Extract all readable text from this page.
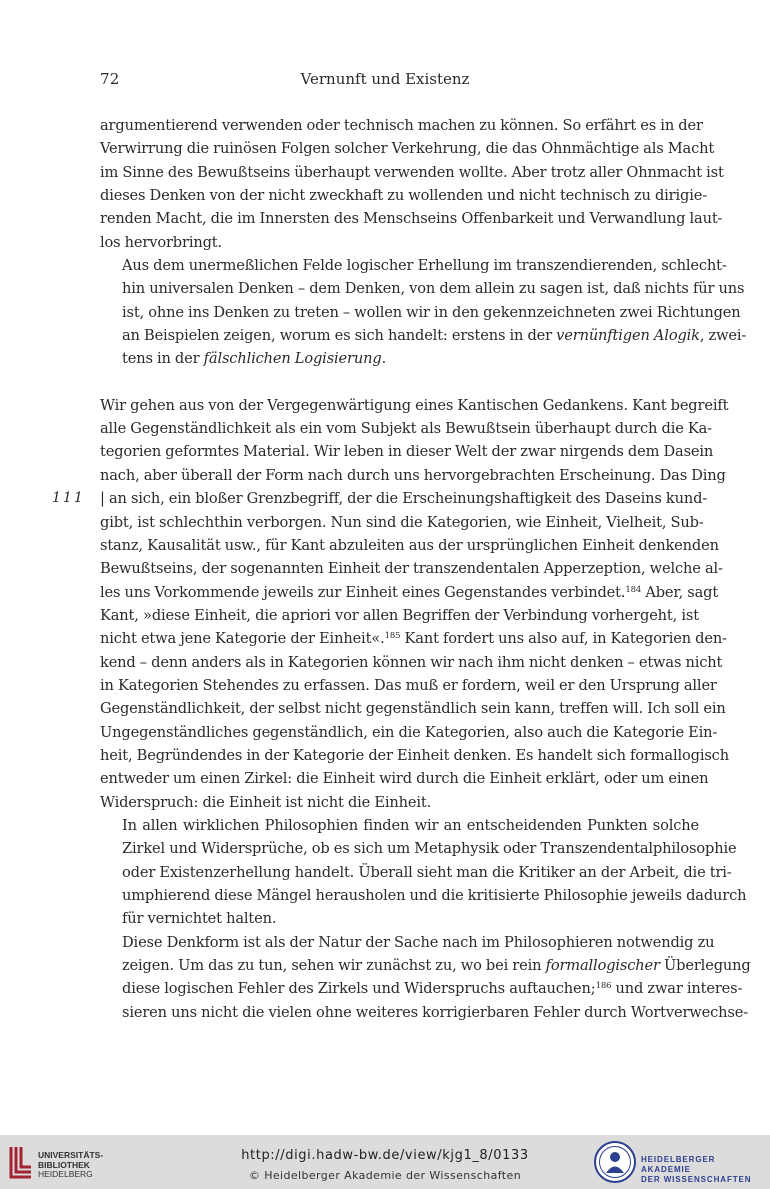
72	Vernunft und Existenz
111

argumentierend verwenden oder technisch machen zu können. So erfährt es in der
Verwirrung die ruinösen Folgen solcher Verkehrung, die das Ohnmächtige als Macht
im Sinne des Bewußtseins überhaupt verwenden wollte. Aber trotz aller Ohnmacht ist
dieses Denken von der nicht zweckhaft zu wollenden und nicht technisch zu dirigie-
renden Macht, die im Innersten des Menschseins Offenbarkeit und Verwandlung laut-
los hervorbringt.

Aus dem unermeßlichen Felde logischer Erhellung im transzendierenden, schlecht-
hin universalen Denken – dem Denken, von dem allein zu sagen ist, daß nichts für uns
ist, ohne ins Denken zu treten – wollen wir in den gekennzeichneten zwei Richtungen
an Beispielen zeigen, worum es sich handelt: erstens in der vernünftigen Alogik, zwei-
tens in der fälschlichen Logisierung.

Wir gehen aus von der Vergegenwärtigung eines Kantischen Gedankens. Kant begreift
alle Gegenständlichkeit als ein vom Subjekt als Bewußtsein überhaupt durch die Ka-
tegorien geformtes Material. Wir leben in dieser Welt der zwar nirgends dem Dasein
nach, aber überall der Form nach durch uns hervorgebrachten Erscheinung. Das Ding
| an sich, ein bloßer Grenzbegriff, der die Erscheinungshaftigkeit des Daseins kund-
gibt, ist schlechthin verborgen. Nun sind die Kategorien, wie Einheit, Vielheit, Sub-
stanz, Kausalität usw., für Kant abzuleiten aus der ursprünglichen Einheit denkenden
Bewußtseins, der sogenannten Einheit der transzendentalen Apperzeption, welche al-
les uns Vorkommende jeweils zur Einheit eines Gegenstandes verbindet.$^{184}$ Aber, sagt
Kant, »diese Einheit, die apriori vor allen Begriffen der Verbindung vorhergeht, ist
nicht etwa jene Kategorie der Einheit«.$^{185}$ Kant fordert uns also auf, in Kategorien den-
kend – denn anders als in Kategorien können wir nach ihm nicht denken – etwas nicht
in Kategorien Stehendes zu erfassen. Das muß er fordern, weil er den Ursprung aller
Gegenständlichkeit, der selbst nicht gegenständlich sein kann, treffen will. Ich soll ein
Ungegenständliches gegenständlich, ein die Kategorien, also auch die Kategorie Ein-
heit, Begründendes in der Kategorie der Einheit denken. Es handelt sich formallogisch
entweder um einen Zirkel: die Einheit wird durch die Einheit erklärt, oder um einen
Widerspruch: die Einheit ist nicht die Einheit.

In allen wirklichen Philosophien finden wir an entscheidenden Punkten solche
Zirkel und Widersprüche, ob es sich um Metaphysik oder Transzendentalphilosophie
oder Existenzerhellung handelt. Überall sieht man die Kritiker an der Arbeit, die tri-
umphierend diese Mängel herausholen und die kritisierte Philosophie jeweils dadurch
für vernichtet halten.

Diese Denkform ist als der Natur der Sache nach im Philosophieren notwendig zu
zeigen. Um das zu tun, sehen wir zunächst zu, wo bei rein formallogischer Überlegung
diese logischen Fehler des Zirkels und Widerspruchs auftauchen;$^{186}$ und zwar interes-
sieren uns nicht die vielen ohne weiteres korrigierbaren Fehler durch Wortverwechse-

UNIVERSITÄTS-
BIBLIOTHEK
HEIDELBERG
http://digi.hadw-bw.de/view/kjg1_8/0133
© Heidelberger Akademie der Wissenschaften
HEIDELBERGER AKADEMIE
DER WISSENSCHAFTEN
